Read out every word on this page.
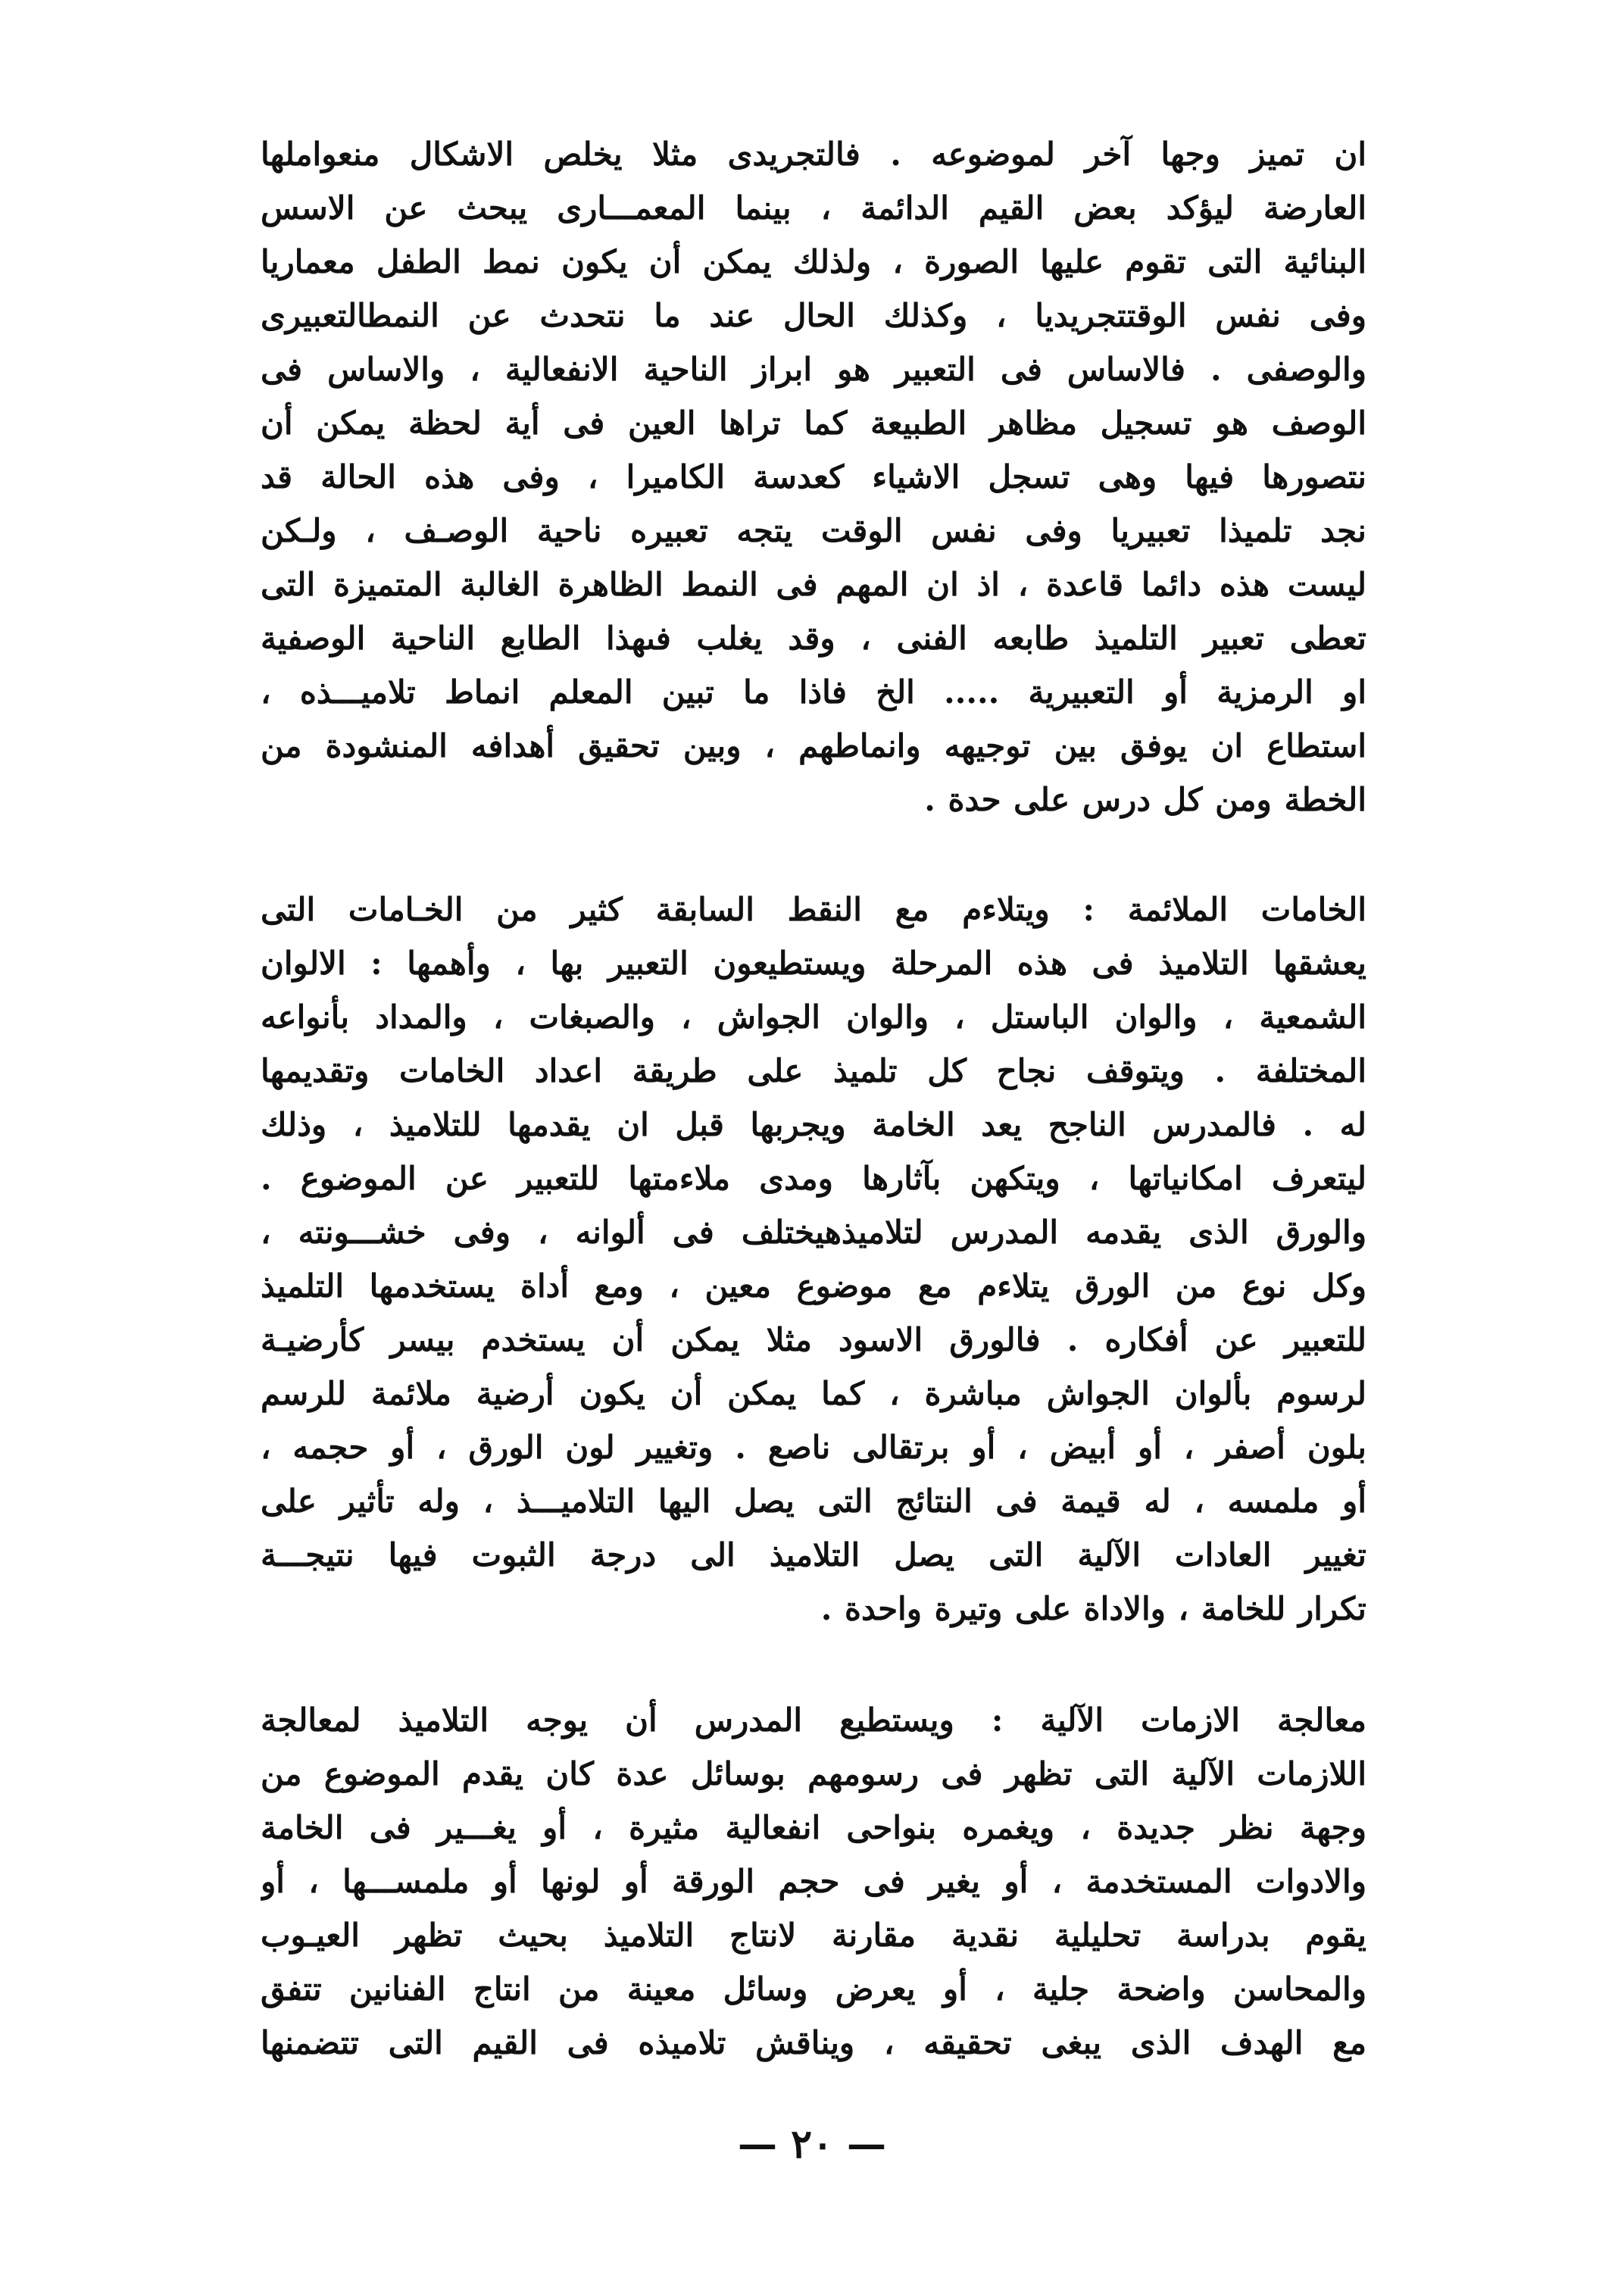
ان تميز وجها آخر لموضوعه . فالتجريدى مثلا يخلص الاشكال منعواملها
العارضة ليؤكد بعض القيم الدائمة ، بينما المعمـــارى يبحث عن الاسس
البنائية التى تقوم عليها الصورة ، ولذلك يمكن أن يكون نمط الطفل معماريا
وفى نفس الوقتتجريديا ، وكذلك الحال عند ما نتحدث عن النمطالتعبيرى
والوصفى . فالاساس فى التعبير هو ابراز الناحية الانفعالية ، والاساس فى
الوصف هو تسجيل مظاهر الطبيعة كما تراها العين فى أية لحظة يمكن أن
نتصورها فيها وهى تسجل الاشياء كعدسة الكاميرا ، وفى هذه الحالة قد
نجد تلميذا تعبيريا وفى نفس الوقت يتجه تعبيره ناحية الوصـف ، ولـكن
ليست هذه دائما قاعدة ، اذ ان المهم فى النمط الظاهرة الغالبة المتميزة التى
تعطى تعبير التلميذ طابعه الفنى ، وقد يغلب فىهذا الطابع الناحية الوصفية
او الرمزية أو التعبيرية ..... الخ فاذا ما تبين المعلم انماط تلاميـــذه ،
استطاع ان يوفق بين توجيهه وانماطهم ، وبين تحقيق أهدافه المنشودة من
الخطة ومن كل درس على حدة .
الخامات الملائمة : ويتلاءم مع النقط السابقة كثير من الخـامات التى
يعشقها التلاميذ فى هذه المرحلة ويستطيعون التعبير بها ، وأهمها : الالوان
الشمعية ، والوان الباستل ، والوان الجواش ، والصبغات ، والمداد بأنواعه
المختلفة . ويتوقف نجاح كل تلميذ على طريقة اعداد الخامات وتقديمها
له . فالمدرس الناجح يعد الخامة ويجربها قبل ان يقدمها للتلاميذ ، وذلك
ليتعرف امكانياتها ، ويتكهن بآثارها ومدى ملاءمتها للتعبير عن الموضوع .
والورق الذى يقدمه المدرس لتلاميذهيختلف فى ألوانه ، وفى خشـــونته ،
وكل نوع من الورق يتلاءم مع موضوع معين ، ومع أداة يستخدمها التلميذ
للتعبير عن أفكاره . فالورق الاسود مثلا يمكن أن يستخدم بيسر كأرضيـة
لرسوم بألوان الجواش مباشرة ، كما يمكن أن يكون أرضية ملائمة للرسم
بلون أصفر ، أو أبيض ، أو برتقالى ناصع . وتغيير لون الورق ، أو حجمه ،
أو ملمسه ، له قيمة فى النتائج التى يصل اليها التلاميـــذ ، وله تأثير على
تغيير العادات الآلية التى يصل التلاميذ الى درجة الثبوت فيها نتيجـــة
تكرار للخامة ، والاداة على وتيرة واحدة .
معالجة الازمات الآلية : ويستطيع المدرس أن يوجه التلاميذ لمعالجة
اللازمات الآلية التى تظهر فى رسومهم بوسائل عدة كان يقدم الموضوع من
وجهة نظر جديدة ، ويغمره بنواحى انفعالية مثيرة ، أو يغـــير فى الخامة
والادوات المستخدمة ، أو يغير فى حجم الورقة أو لونها أو ملمســـها ، أو
يقوم بدراسة تحليلية نقدية مقارنة لانتاج التلاميذ بحيث تظهر العيـوب
والمحاسن واضحة جلية ، أو يعرض وسائل معينة من انتاج الفنانين تتفق
مع الهدف الذى يبغى تحقيقه ، ويناقش تلاميذه فى القيم التى تتضمنها
— ٢٠ —
